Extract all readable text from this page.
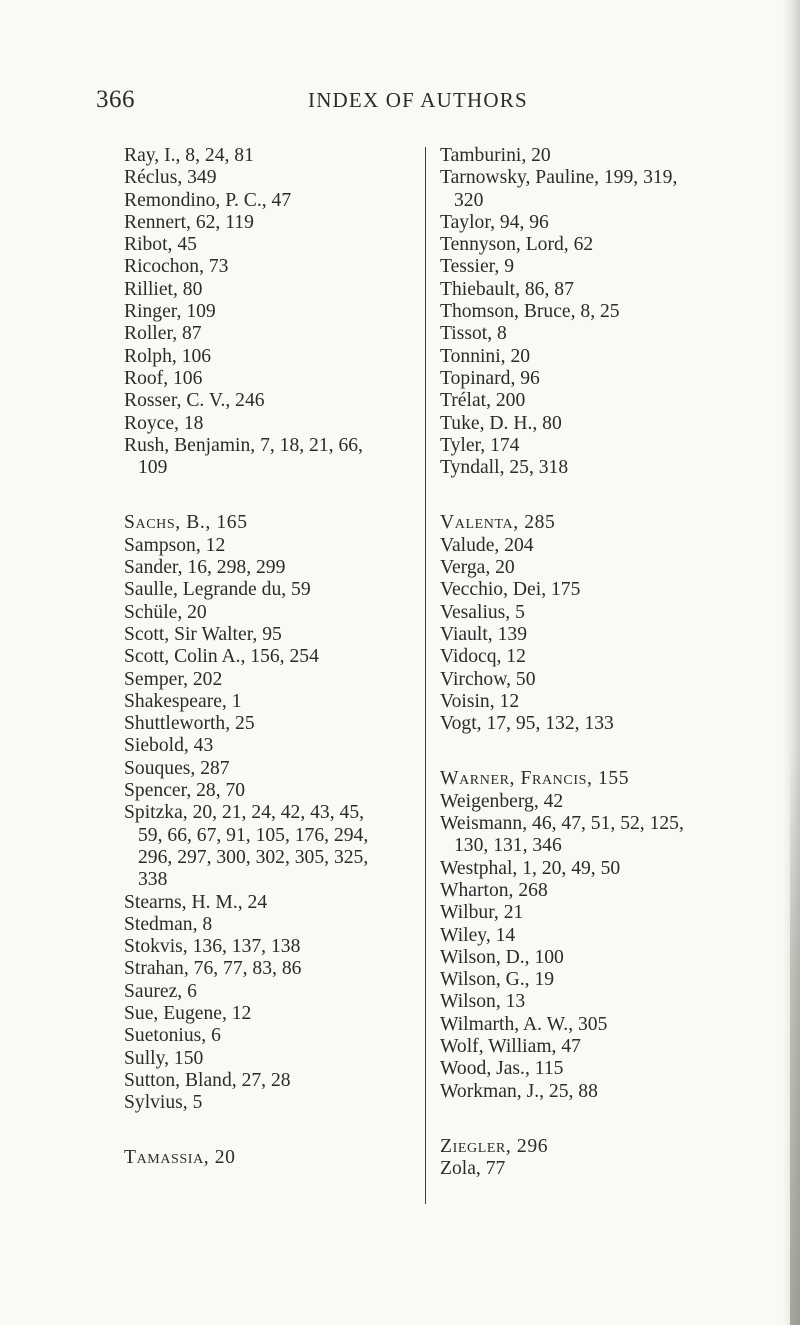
366	INDEX OF AUTHORS
Ray, I., 8, 24, 81
Réclus, 349
Remondino, P. C., 47
Rennert, 62, 119
Ribot, 45
Ricochon, 73
Rilliet, 80
Ringer, 109
Roller, 87
Rolph, 106
Roof, 106
Rosser, C. V., 246
Royce, 18
Rush, Benjamin, 7, 18, 21, 66,
109
Sachs, B., 165
Sampson, 12
Sander, 16, 298, 299
Saulle, Legrande du, 59
Schüle, 20
Scott, Sir Walter, 95
Scott, Colin A., 156, 254
Semper, 202
Shakespeare, 1
Shuttleworth, 25
Siebold, 43
Souques, 287
Spencer, 28, 70
Spitzka, 20, 21, 24, 42, 43, 45,
59, 66, 67, 91, 105, 176, 294,
296, 297, 300, 302, 305, 325,
338
Stearns, H. M., 24
Stedman, 8
Stokvis, 136, 137, 138
Strahan, 76, 77, 83, 86
Saurez, 6
Sue, Eugene, 12
Suetonius, 6
Sully, 150
Sutton, Bland, 27, 28
Sylvius, 5
Tamassia, 20
Tamburini, 20
Tarnowsky, Pauline, 199, 319,
320
Taylor, 94, 96
Tennyson, Lord, 62
Tessier, 9
Thiebault, 86, 87
Thomson, Bruce, 8, 25
Tissot, 8
Tonnini, 20
Topinard, 96
Trélat, 200
Tuke, D. H., 80
Tyler, 174
Tyndall, 25, 318
Valenta, 285
Valude, 204
Verga, 20
Vecchio, Dei, 175
Vesalius, 5
Viault, 139
Vidocq, 12
Virchow, 50
Voisin, 12
Vogt, 17, 95, 132, 133
Warner, Francis, 155
Weigenberg, 42
Weismann, 46, 47, 51, 52, 125,
130, 131, 346
Westphal, 1, 20, 49, 50
Wharton, 268
Wilbur, 21
Wiley, 14
Wilson, D., 100
Wilson, G., 19
Wilson, 13
Wilmarth, A. W., 305
Wolf, William, 47
Wood, Jas., 115
Workman, J., 25, 88
Ziegler, 296
Zola, 77
